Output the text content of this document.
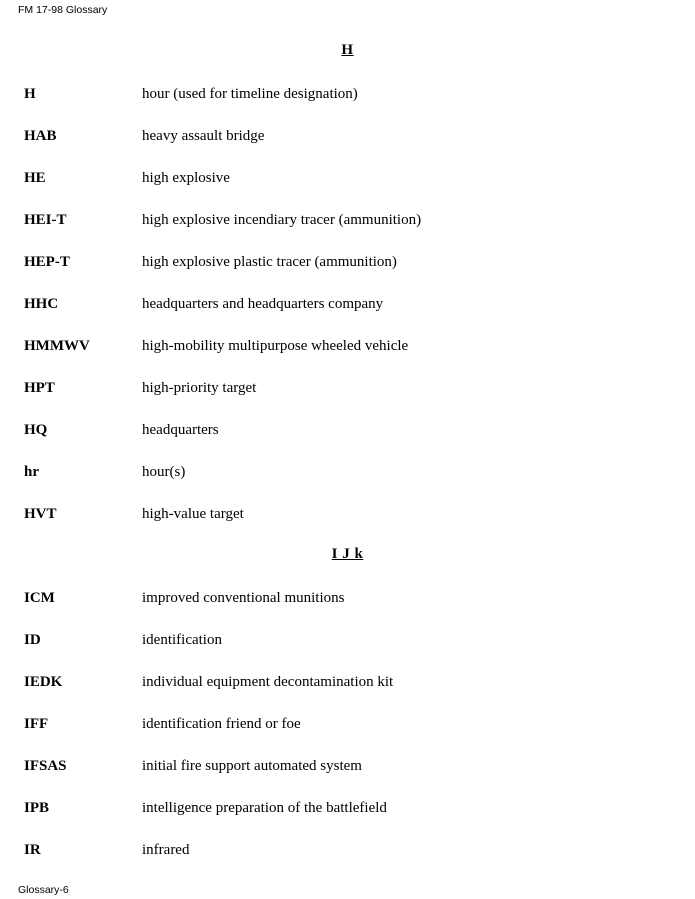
FM 17-98 Glossary
H
H	hour (used for timeline designation)
HAB	heavy assault bridge
HE	high explosive
HEI-T	high explosive incendiary tracer (ammunition)
HEP-T	high explosive plastic tracer (ammunition)
HHC	headquarters and headquarters company
HMMWV	high-mobility multipurpose wheeled vehicle
HPT	high-priority target
HQ	headquarters
hr	hour(s)
HVT	high-value target
I J k
ICM	improved conventional munitions
ID	identification
IEDK	individual equipment decontamination kit
IFF	identification friend or foe
IFSAS	initial fire support automated system
IPB	intelligence preparation of the battlefield
IR	infrared
Glossary-6
